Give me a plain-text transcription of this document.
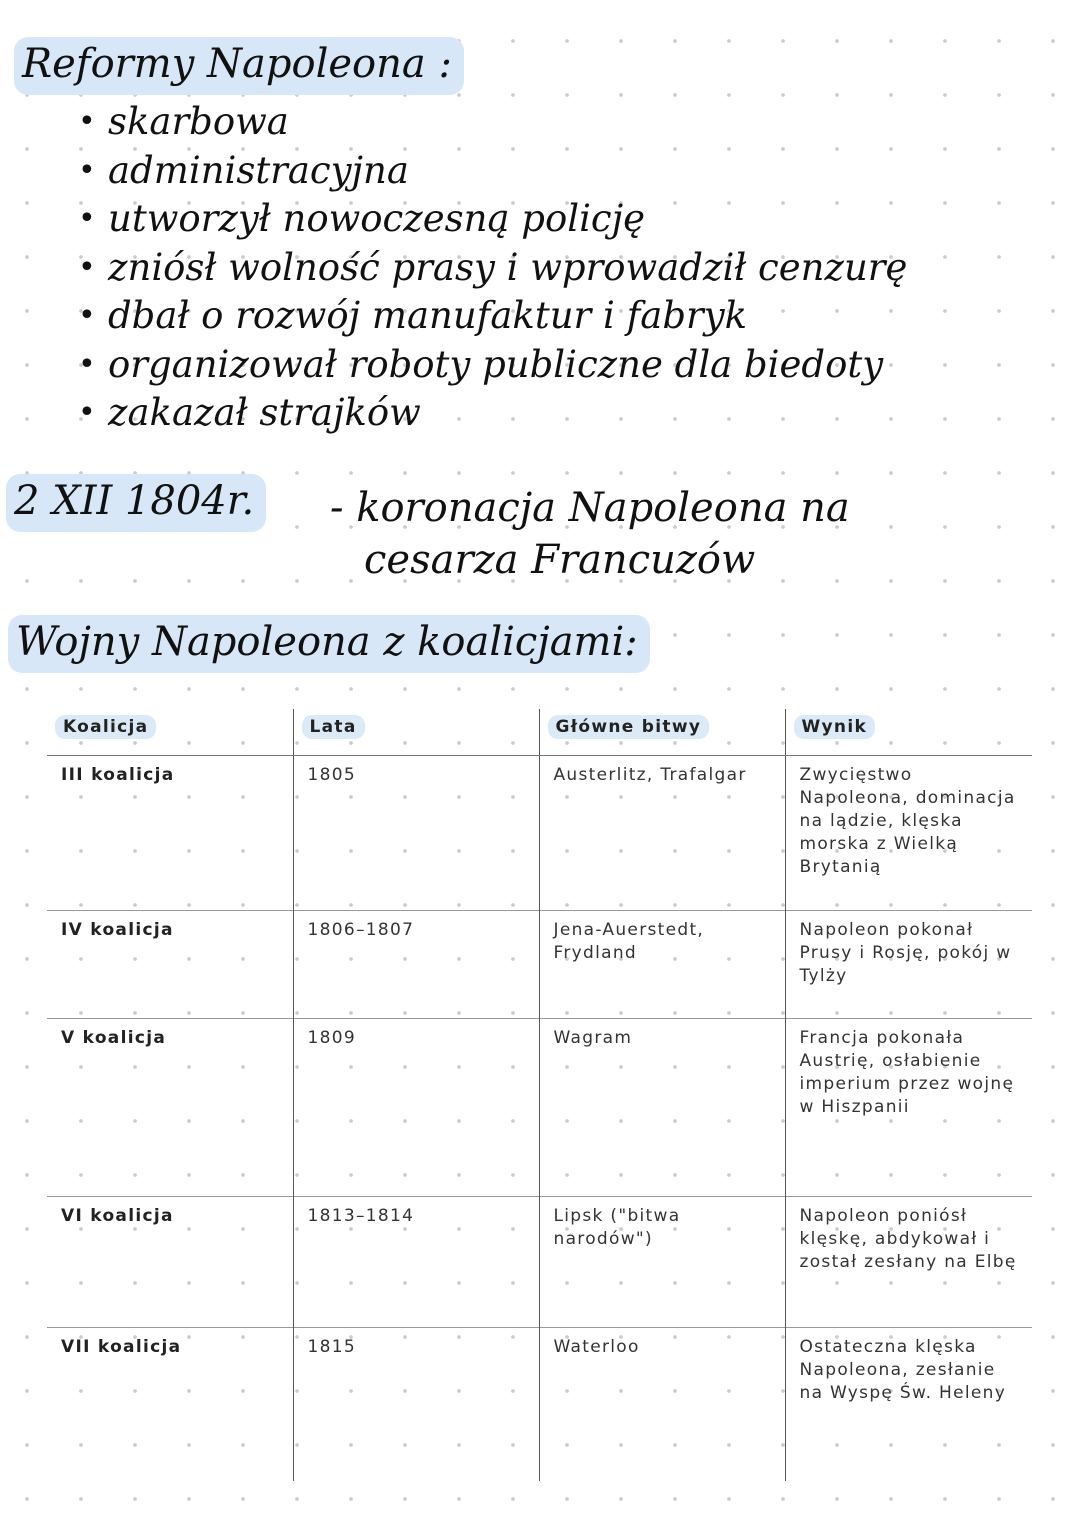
Reformy Napoleona :
• skarbowa
• administracyjna
• utworzył nowoczesną policję
• zniósł wolność prasy i wprowadził cenzurę
• dbał o rozwój manufaktur i fabryk
• organizował roboty publiczne dla biedoty
• zakazał strajków
2 XII 1804r.	- koronacja Napoleona na
cesarza Francuzów
Wojny Napoleona z koalicjami:
Koalicja	Lata	Główne bitwy	Wynik
III koalicja	1805	Austerlitz, Trafalgar	Zwycięstwo Napoleona, dominacja na lądzie, klęska morska z Wielką Brytanią
IV koalicja	1806–1807	Jena-Auerstedt, Frydland	Napoleon pokonał Prusy i Rosję, pokój w Tylży
V koalicja	1809	Wagram	Francja pokonała Austrię, osłabienie imperium przez wojnę w Hiszpanii
VI koalicja	1813–1814	Lipsk ("bitwa narodów")	Napoleon poniósł klęskę, abdykował i został zesłany na Elbę
VII koalicja	1815	Waterloo	Ostateczna klęska Napoleona, zesłanie na Wyspę Św. Heleny
